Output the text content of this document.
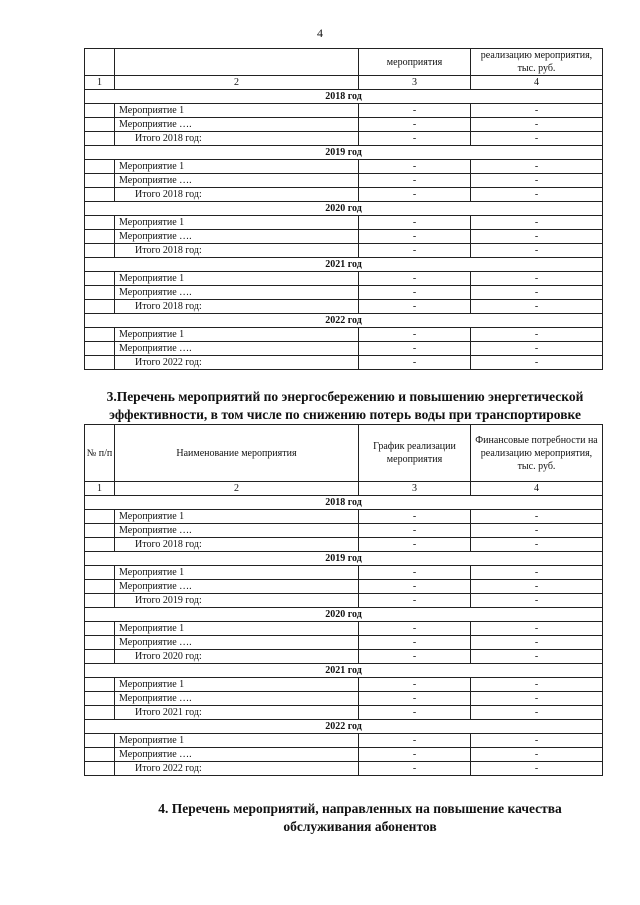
4
		мероприятия	реализацию мероприятия, тыс. руб.
1	2	3	4
2018 год			
	Мероприятие 1	-	-
	Мероприятие ….	-	-
	Итого 2018 год:	-	-
2019 год			
	Мероприятие 1	-	-
	Мероприятие ….	-	-
	Итого 2018 год:	-	-
2020 год			
	Мероприятие 1	-	-
	Мероприятие ….	-	-
	Итого 2018 год:	-	-
2021 год			
	Мероприятие 1	-	-
	Мероприятие ….	-	-
	Итого 2018 год:	-	-
2022 год			
	Мероприятие 1	-	-
	Мероприятие ….	-	-
	Итого 2022 год:	-	-
3.Перечень мероприятий по энергосбережению и повышению энергетической
эффективности, в том числе по снижению потерь воды при транспортировке
№ п/п	Наименование мероприятия	График реализации мероприятия	Финансовые потребности на реализацию мероприятия, тыс. руб.
1	2	3	4
2018 год			
	Мероприятие 1	-	-
	Мероприятие ….	-	-
	Итого 2018 год:	-	-
2019 год			
	Мероприятие 1	-	-
	Мероприятие ….	-	-
	Итого 2019 год:	-	-
2020 год			
	Мероприятие 1	-	-
	Мероприятие ….	-	-
	Итого 2020 год:	-	-
2021 год			
	Мероприятие 1	-	-
	Мероприятие ….	-	-
	Итого 2021 год:	-	-
2022 год			
	Мероприятие 1	-	-
	Мероприятие ….	-	-
	Итого 2022 год:	-	-
4. Перечень мероприятий, направленных на повышение качества
обслуживания абонентов
